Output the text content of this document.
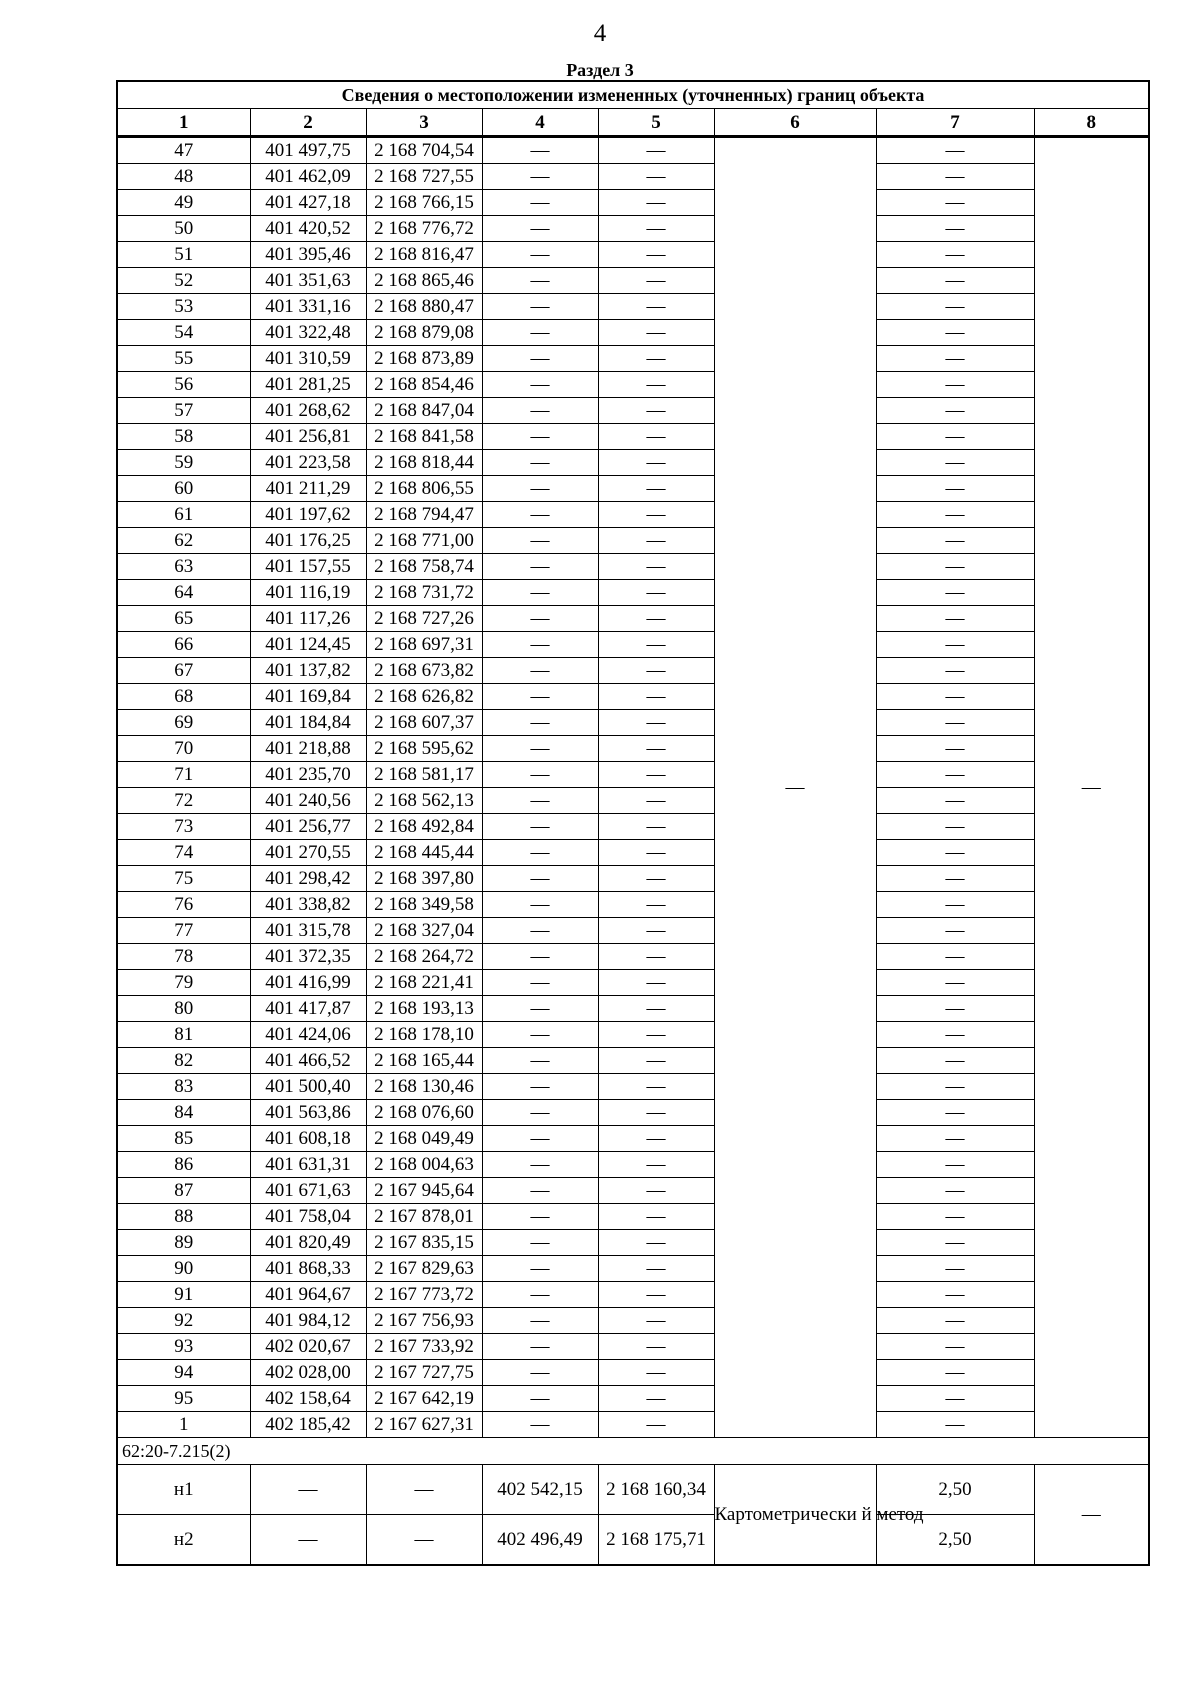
4
Раздел 3
Сведения о местоположении измененных (уточненных) границ объекта							
1	2	3	4	5	6	7	8
47	401 497,75	2 168 704,54	—	—	—	—	—
48	401 462,09	2 168 727,55	—	—		—	
49	401 427,18	2 168 766,15	—	—		—	
50	401 420,52	2 168 776,72	—	—		—	
51	401 395,46	2 168 816,47	—	—		—	
52	401 351,63	2 168 865,46	—	—		—	
53	401 331,16	2 168 880,47	—	—		—	
54	401 322,48	2 168 879,08	—	—		—	
55	401 310,59	2 168 873,89	—	—		—	
56	401 281,25	2 168 854,46	—	—		—	
57	401 268,62	2 168 847,04	—	—		—	
58	401 256,81	2 168 841,58	—	—		—	
59	401 223,58	2 168 818,44	—	—		—	
60	401 211,29	2 168 806,55	—	—		—	
61	401 197,62	2 168 794,47	—	—		—	
62	401 176,25	2 168 771,00	—	—		—	
63	401 157,55	2 168 758,74	—	—		—	
64	401 116,19	2 168 731,72	—	—		—	
65	401 117,26	2 168 727,26	—	—		—	
66	401 124,45	2 168 697,31	—	—		—	
67	401 137,82	2 168 673,82	—	—		—	
68	401 169,84	2 168 626,82	—	—		—	
69	401 184,84	2 168 607,37	—	—		—	
70	401 218,88	2 168 595,62	—	—		—	
71	401 235,70	2 168 581,17	—	—		—	
72	401 240,56	2 168 562,13	—	—		—	
73	401 256,77	2 168 492,84	—	—		—	
74	401 270,55	2 168 445,44	—	—		—	
75	401 298,42	2 168 397,80	—	—		—	
76	401 338,82	2 168 349,58	—	—		—	
77	401 315,78	2 168 327,04	—	—		—	
78	401 372,35	2 168 264,72	—	—		—	
79	401 416,99	2 168 221,41	—	—		—	
80	401 417,87	2 168 193,13	—	—		—	
81	401 424,06	2 168 178,10	—	—		—	
82	401 466,52	2 168 165,44	—	—		—	
83	401 500,40	2 168 130,46	—	—		—	
84	401 563,86	2 168 076,60	—	—		—	
85	401 608,18	2 168 049,49	—	—		—	
86	401 631,31	2 168 004,63	—	—		—	
87	401 671,63	2 167 945,64	—	—		—	
88	401 758,04	2 167 878,01	—	—		—	
89	401 820,49	2 167 835,15	—	—		—	
90	401 868,33	2 167 829,63	—	—		—	
91	401 964,67	2 167 773,72	—	—		—	
92	401 984,12	2 167 756,93	—	—		—	
93	402 020,67	2 167 733,92	—	—		—	
94	402 028,00	2 167 727,75	—	—		—	
95	402 158,64	2 167 642,19	—	—		—	
1	402 185,42	2 167 627,31	—	—		—	
62:20-7.215(2)							
н1	—	—	402 542,15	2 168 160,34	Картометрически й метод	2,50	—
н2	—	—	402 496,49	2 168 175,71		2,50	
